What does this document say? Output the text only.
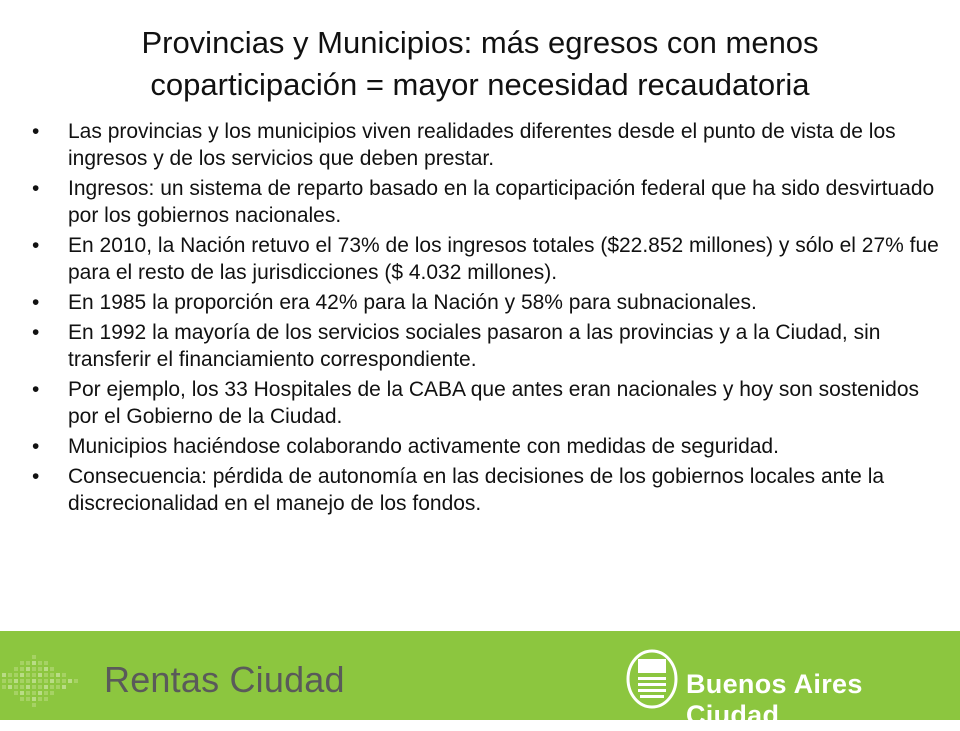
Provincias y Municipios: más egresos con menos
coparticipación = mayor necesidad recaudatoria
• Las provincias y los municipios viven realidades diferentes desde el punto de vista de los ingresos y de los servicios que deben prestar.
• Ingresos: un sistema de reparto basado en la coparticipación federal que ha sido desvirtuado por los gobiernos nacionales.
• En 2010, la Nación retuvo el 73% de los ingresos totales ($22.852 millones) y sólo el 27% fue para el resto de las jurisdicciones ($ 4.032 millones).
• En 1985 la proporción era 42% para la Nación y 58% para subnacionales.
• En 1992 la mayoría de los servicios sociales pasaron a las provincias y a la Ciudad, sin transferir el financiamiento correspondiente.
• Por ejemplo, los 33 Hospitales de la CABA que antes eran nacionales y hoy son sostenidos por el Gobierno de la Ciudad.
• Municipios haciéndose colaborando activamente con medidas de seguridad.
• Consecuencia: pérdida de autonomía en las decisiones de los gobiernos locales ante la discrecionalidad en el manejo de los fondos.
Rentas Ciudad	Buenos Aires Ciudad
